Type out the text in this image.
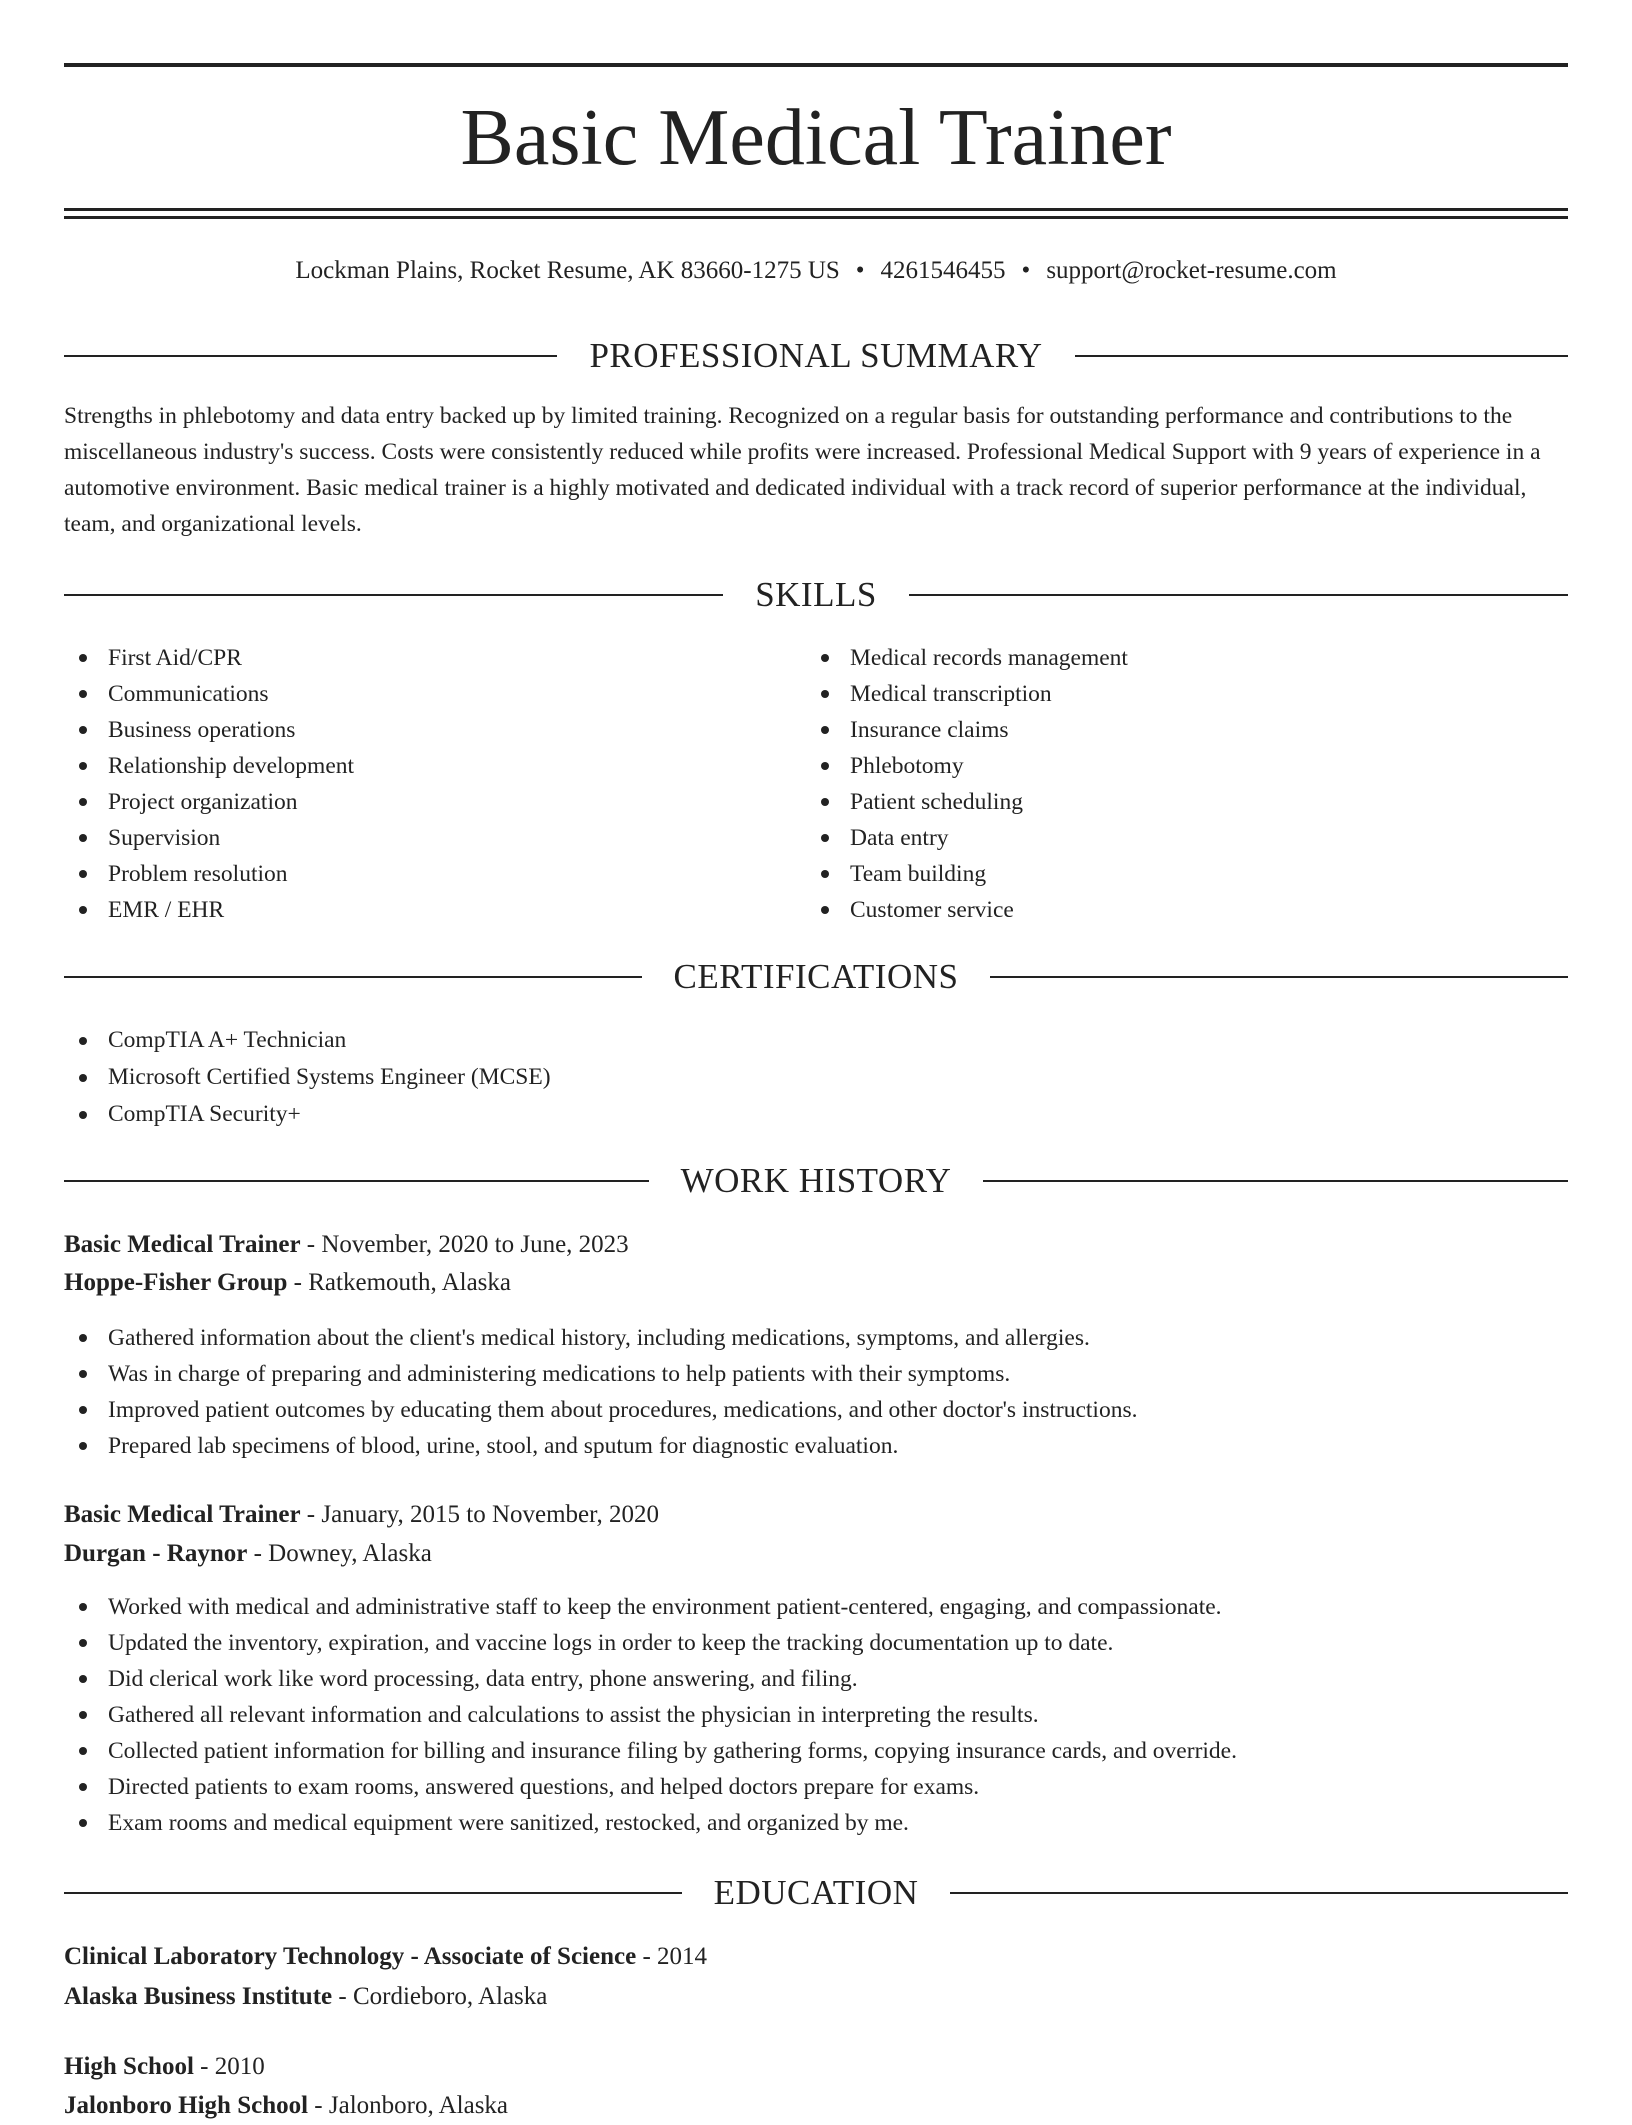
Basic Medical Trainer
Lockman Plains, Rocket Resume, AK 83660-1275 US • 4261546455 • support@rocket-resume.com
PROFESSIONAL SUMMARY

Strengths in phlebotomy and data entry backed up by limited training. Recognized on a regular basis for outstanding performance and contributions to the miscellaneous industry's success. Costs were consistently reduced while profits were increased. Professional Medical Support with 9 years of experience in a automotive environment. Basic medical trainer is a highly motivated and dedicated individual with a track record of superior performance at the individual, team, and organizational levels.

SKILLS
First Aid/CPR
Communications
Business operations
Relationship development
Project organization
Supervision
Problem resolution
EMR / EHR
Medical records management
Medical transcription
Insurance claims
Phlebotomy
Patient scheduling
Data entry
Team building
Customer service
CERTIFICATIONS
CompTIA A+ Technician
Microsoft Certified Systems Engineer (MCSE)
CompTIA Security+
WORK HISTORY
Basic Medical Trainer - November, 2020 to June, 2023
Hoppe-Fisher Group - Ratkemouth, Alaska
Gathered information about the client's medical history, including medications, symptoms, and allergies.
Was in charge of preparing and administering medications to help patients with their symptoms.
Improved patient outcomes by educating them about procedures, medications, and other doctor's instructions.
Prepared lab specimens of blood, urine, stool, and sputum for diagnostic evaluation.
Basic Medical Trainer - January, 2015 to November, 2020
Durgan - Raynor - Downey, Alaska
Worked with medical and administrative staff to keep the environment patient-centered, engaging, and compassionate.
Updated the inventory, expiration, and vaccine logs in order to keep the tracking documentation up to date.
Did clerical work like word processing, data entry, phone answering, and filing.
Gathered all relevant information and calculations to assist the physician in interpreting the results.
Collected patient information for billing and insurance filing by gathering forms, copying insurance cards, and override.
Directed patients to exam rooms, answered questions, and helped doctors prepare for exams.
Exam rooms and medical equipment were sanitized, restocked, and organized by me.
EDUCATION
Clinical Laboratory Technology - Associate of Science - 2014
Alaska Business Institute - Cordieboro, Alaska
High School - 2010
Jalonboro High School - Jalonboro, Alaska
